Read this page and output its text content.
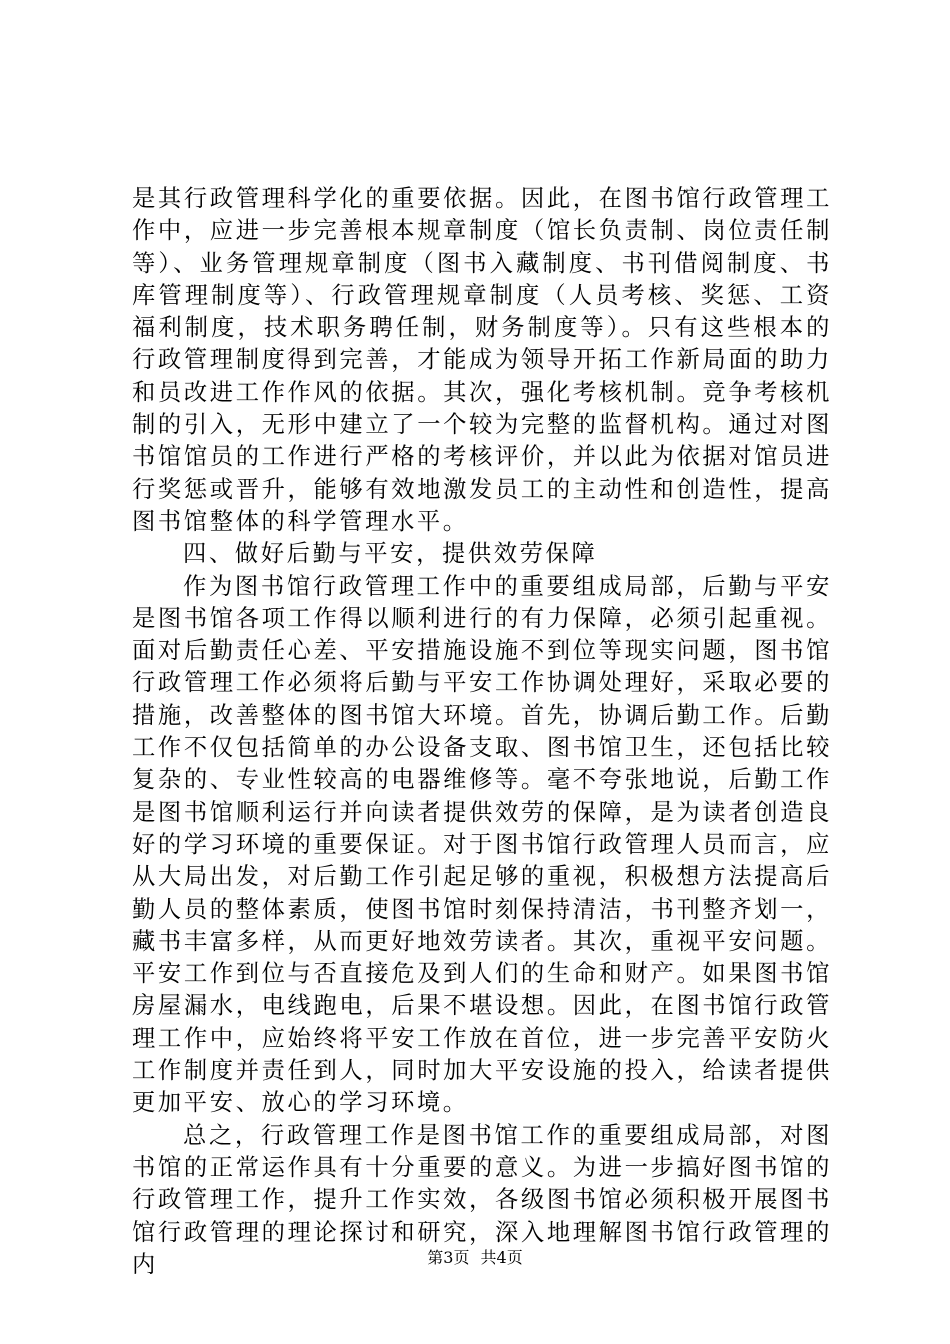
是其行政管理科学化的重要依据。因此，在图书馆行政管理工作中，应进一步完善根本规章制度（馆长负责制、岗位责任制等）、业务管理规章制度（图书入藏制度、书刊借阅制度、书库管理制度等）、行政管理规章制度（人员考核、奖惩、工资福利制度，技术职务聘任制，财务制度等）。只有这些根本的行政管理制度得到完善，才能成为领导开拓工作新局面的助力和员改进工作作风的依据。其次，强化考核机制。竞争考核机制的引入，无形中建立了一个较为完整的监督机构。通过对图书馆馆员的工作进行严格的考核评价，并以此为依据对馆员进行奖惩或晋升，能够有效地激发员工的主动性和创造性，提高图书馆整体的科学管理水平。

四、做好后勤与平安，提供效劳保障

作为图书馆行政管理工作中的重要组成局部，后勤与平安是图书馆各项工作得以顺利进行的有力保障，必须引起重视。面对后勤责任心差、平安措施设施不到位等现实问题，图书馆行政管理工作必须将后勤与平安工作协调处理好，采取必要的措施，改善整体的图书馆大环境。首先，协调后勤工作。后勤工作不仅包括简单的办公设备支取、图书馆卫生，还包括比较复杂的、专业性较高的电器维修等。毫不夸张地说，后勤工作是图书馆顺利运行并向读者提供效劳的保障，是为读者创造良好的学习环境的重要保证。对于图书馆行政管理人员而言，应从大局出发，对后勤工作引起足够的重视，积极想方法提高后勤人员的整体素质，使图书馆时刻保持清洁，书刊整齐划一，藏书丰富多样，从而更好地效劳读者。其次，重视平安问题。平安工作到位与否直接危及到人们的生命和财产。如果图书馆房屋漏水，电线跑电，后果不堪设想。因此，在图书馆行政管理工作中，应始终将平安工作放在首位，进一步完善平安防火工作制度并责任到人，同时加大平安设施的投入，给读者提供更加平安、放心的学习环境。

总之，行政管理工作是图书馆工作的重要组成局部，对图书馆的正常运作具有十分重要的意义。为进一步搞好图书馆的行政管理工作，提升工作实效，各级图书馆必须积极开展图书馆行政管理的理论探讨和研究，深入地理解图书馆行政管理的内	第3页 共4页
